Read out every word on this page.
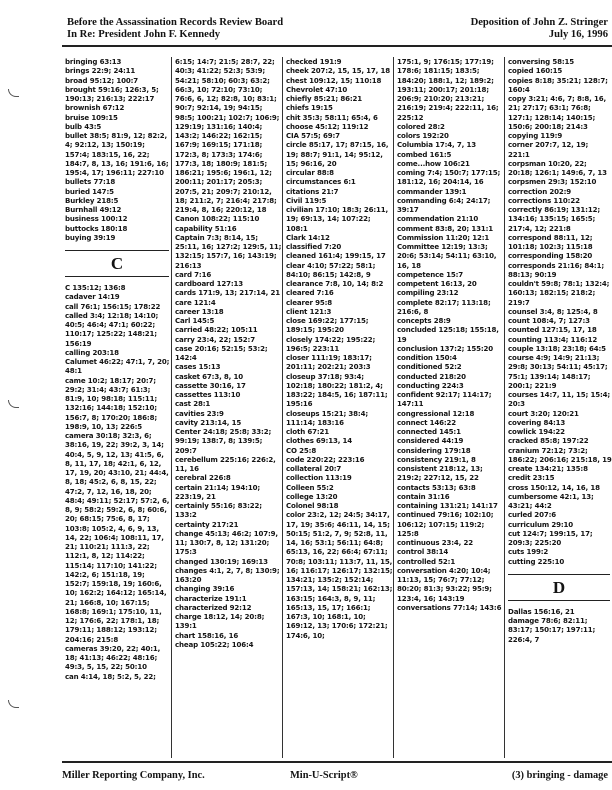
Before the Assassination Records Review Board
In Re: President John F. Kennedy
Deposition of John Z. Stringer
July 16, 1996
bringing 63:13
brings 22:9; 24:11
broad 95:12; 100:7
brought 59:16; 126:3, 5; 190:13; 216:13; 222:17
brownish 67:12
bruise 109:15
bulb 43:5
bullet 38:5; 81:9, 12; 82:2, 4; 92:12, 13; 150:19; 157:4; 183:15, 16, 22; 184:7, 8, 13, 16; 191:6, 16; 195:4, 17; 196:11; 227:10
bullets 77:18
buried 147:5
Burkley 218:5
Burnhall 49:12
business 100:12
buttocks 180:18
buying 39:19
C
C 135:12; 136:8
cadaver 14:19
call 76:1; 156:15; 178:22
called 3:4; 12:18; 14:10; 40:5; 46:4; 47:1; 60:22; 110:17; 125:22; 148:21; 156:19
calling 203:18
Calumet 46:22; 47:1, 7, 20; 48:1
came 10:2; 18:17; 20:7; 29:2; 31:4; 43:7; 61:3; 81:9, 10; 98:18; 115:11; 132:16; 144:18; 152:10; 156:7, 8; 170:20; 186:8; 198:9, 10, 13; 226:5
camera 30:18; 32:3, 6; 38:16, 19, 22; 39:2, 3, 14; 40:4, 5, 9, 12, 13; 41:5, 6, 8, 11, 17, 18; 42:1, 6, 12, 17, 19, 20; 43:10, 21; 44:4, 8, 18; 45:2, 6, 8, 15, 22; 47:2, 7, 12, 16, 18, 20; 48:4; 49:11; 52:17; 57:2, 6, 8, 9; 58:2; 59:2, 6, 8; 60:6, 20; 68:15; 75:6, 8, 17; 103:8; 105:2, 4, 6, 9, 13, 14, 22; 106:4; 108:11, 17, 21; 110:21; 111:3, 22; 112:1, 8, 12; 114:22; 115:14; 117:10; 141:22; 142:2, 6; 151:18, 19; 152:7; 159:18, 19; 160:6, 10; 162:2; 164:12; 165:14, 21; 166:8, 10; 167:15; 168:8; 169:1; 175:10, 11, 12; 176:6, 22; 178:1, 18; 179:11; 188:12; 193:12; 204:16; 215:8
cameras 39:20, 22; 40:1, 18; 41:13; 46:22; 48:16; 49:3, 5, 15, 22; 50:10
can 4:14, 18; 5:2, 5, 22;
6:15; 14:7; 21:5; 28:7, 22; 40:3; 41:22; 52:3; 53:9; 54:21; 58:10; 60:3; 63:2; 66:3, 10; 72:10; 73:10; 76:6, 6, 12; 82:8, 10; 83:1; 90:7; 92:14, 19; 94:15; 98:5; 100:21; 102:7; 106:9; 129:19; 131:16; 140:4; 143:2; 146:22; 162:15; 167:9; 169:15; 171:18; 172:3, 8; 173:3; 174:6; 177:3, 18; 180:9; 181:5; 186:21; 195:6; 196:1, 12; 200:11; 201:17; 205:3; 207:5, 21; 209:7; 210:12, 18; 211:2, 7; 216:4; 217:8; 219:4, 8, 16; 220:12, 18
Canon 108:22; 115:10
capability 51:16
Captain 7:3; 8:14, 15; 25:11, 16; 127:2; 129:5, 11; 132:15; 157:7, 16; 143:19; 216:13
card 7:16
cardboard 127:13
cards 171:9, 13; 217:14, 21
care 121:4
career 13:18
Carl 145:5
carried 48:22; 105:11
carry 23:4, 22; 152:7
case 20:16; 52:15; 53:2; 142:4
cases 15:13
casket 67:3, 8, 10
cassette 30:16, 17
cassettes 113:10
cast 28:1
cavities 23:9
cavity 213:14, 15
Center 24:18; 25:8; 33:2; 99:19; 138:7, 8; 139:5; 209:7
cerebellum 225:16; 226:2, 11, 16
cerebral 226:8
certain 21:14; 194:10; 223:19, 21
certainly 55:16; 83:22; 133:2
certainty 217:21
change 45:13; 46:2; 107:9, 11; 130:7, 8, 12; 131:20; 175:3
changed 130:19; 169:13
changes 4:1, 2, 7, 8; 130:9; 163:20
changing 39:16
characterize 191:1
characterized 92:12
charge 18:12, 14; 20:8; 139:1
chart 158:16, 16
cheap 105:22; 106:4
checked 191:9
cheek 207:2, 15, 15, 17, 18
chest 109:12, 15; 110:18
Chevrolet 47:10
chiefly 85:21; 86:21
chiefs 19:15
chit 35:3; 58:11; 65:4, 6
choose 45:12; 119:12
CIA 57:5; 69:7
circle 85:17, 17; 87:15, 16, 19; 88:7; 91:1, 14; 95:12, 15; 96:16, 20
circular 88:8
circumstances 6:1
citations 21:7
Civil 119:5
civilian 17:10; 18:3; 26:11, 19; 69:13, 14; 107:22; 108:1
Clark 14:12
classified 7:20
cleaned 161:4; 199:15, 17
clear 4:10; 57:22; 58:1; 84:10; 86:15; 142:8, 9
clearance 7:8, 10, 14; 8:2
cleared 7:16
clearer 95:8
client 121:3
close 169:22; 177:15; 189:15; 195:20
closely 174:22; 195:22; 196:5; 223:11
closer 111:19; 183:17; 201:11; 202:21; 203:3
closeup 37:18; 93:4; 102:18; 180:22; 181:2, 4; 183:22; 184:5, 16; 187:11; 195:16
closeups 15:21; 38:4; 111:14; 183:16
cloth 67:21
clothes 69:13, 14
CO 25:8
code 220:22; 223:16
collateral 20:7
collection 113:19
Colleen 55:2
college 13:20
Colonel 98:18
color 23:2, 12; 24:5; 34:17, 17, 19; 35:6; 46:11, 14, 15; 50:15; 51:2, 7, 9; 52:8, 11, 14, 16; 53:1; 56:11; 64:8; 65:13, 16, 22; 66:4; 67:11; 70:8; 103:11; 113:7, 11, 15, 16; 116:17; 126:17; 132:15; 134:21; 135:2; 152:14; 157:13, 14; 158:21; 162:13; 163:15; 164:3, 8, 9, 11; 165:13, 15, 17; 166:1; 167:3, 10; 168:1, 10; 169:12, 13; 170:6; 172:21; 174:6, 10;
175:1, 9; 176:15; 177:19; 178:6; 181:15; 183:5; 184:20; 188:1, 12; 189:2; 193:11; 200:17; 201:18; 206:9; 210:20; 213:21; 216:19; 219:4; 222:11, 16; 225:12
colored 28:2
colors 192:20
Columbia 17:4, 7, 13
combed 161:5
come...how 106:21
coming 7:4; 150:7; 177:15; 181:12, 16; 204:14, 16
commander 139:1
commanding 6:4; 24:17; 39:17
commendation 21:10
comment 83:8, 20; 131:1
Commission 11:20; 12:1
Committee 12:19; 13:3; 20:6; 53:14; 54:11; 63:10, 16, 18
competence 15:7
competent 16:13, 20
compiling 23:12
complete 82:17; 113:18; 216:6, 8
concepts 28:9
concluded 125:18; 155:18, 19
conclusion 137:2; 155:20
condition 150:4
conditioned 52:2
conducted 218:20
conducting 224:3
confident 92:17; 114:17; 147:11
congressional 12:18
connect 146:22
connected 145:1
considered 44:19
considering 179:18
consistency 219:1, 8
consistent 218:12, 13; 219:2; 227:12, 15, 22
contacts 53:13; 63:8
contain 31:16
containing 131:21; 141:17
continued 79:16; 102:10; 106:12; 107:15; 119:2; 125:8
continuous 23:4, 22
control 38:14
controlled 52:1
conversation 4:20; 10:4; 11:13, 15; 76:7; 77:12; 80:20; 81:3; 93:22; 95:9; 123:4, 16; 143:19
conversations 77:14; 143:6
conversing 58:15
copied 160:15
copies 8:18; 35:21; 128:7; 160:4
copy 3:21; 4:6, 7; 8:8, 16, 21; 27:17; 63:1; 76:8; 127:1; 128:14; 140:15; 150:6; 200:18; 214:3
copying 119:9
corner 207:7, 12, 19; 221:1
corpsman 10:20, 22; 20:18; 126:1; 149:6, 7, 13
corpsmen 29:3; 152:10
correction 202:9
corrections 110:22
correctly 86:19; 131:12; 134:16; 135:15; 165:5; 217:4, 12; 221:8
correspond 88:11, 12; 101:18; 102:3; 115:18
corresponding 158:20
corresponds 21:16; 84:1; 88:13; 90:19
couldn't 59:8; 78:1; 132:4; 160:13; 182:15; 218:2; 219:7
counsel 3:4, 8; 125:4, 8
count 108:4, 7; 127:3
counted 127:15, 17, 18
counting 113:4; 116:12
couple 13:18; 23:18; 64:5
course 4:9; 14:9; 21:13; 29:8; 30:13; 54:11; 45:17; 75:1; 139:14; 148:17; 200:1; 221:9
courses 14:7, 11, 15; 15:4; 20:3
court 3:20; 120:21
covering 84:13
cowlick 194:22
cracked 85:8; 197:22
cranium 72:12; 73:2; 186:22; 206:16; 215:18, 19
create 134:21; 135:8
credit 23:15
cross 150:12, 14, 16, 18
cumbersome 42:1, 13; 43:21; 44:2
curled 207:6
curriculum 29:10
cut 124:7; 199:15, 17; 209:3; 225:20
cuts 199:2
cutting 225:10
D
Dallas 156:16, 21
damage 78:6; 82:11; 83:17; 150:17; 197:11; 226:4, 7
Miller Reporting Company, Inc.	Min-U-Script®	(3) bringing - damage
